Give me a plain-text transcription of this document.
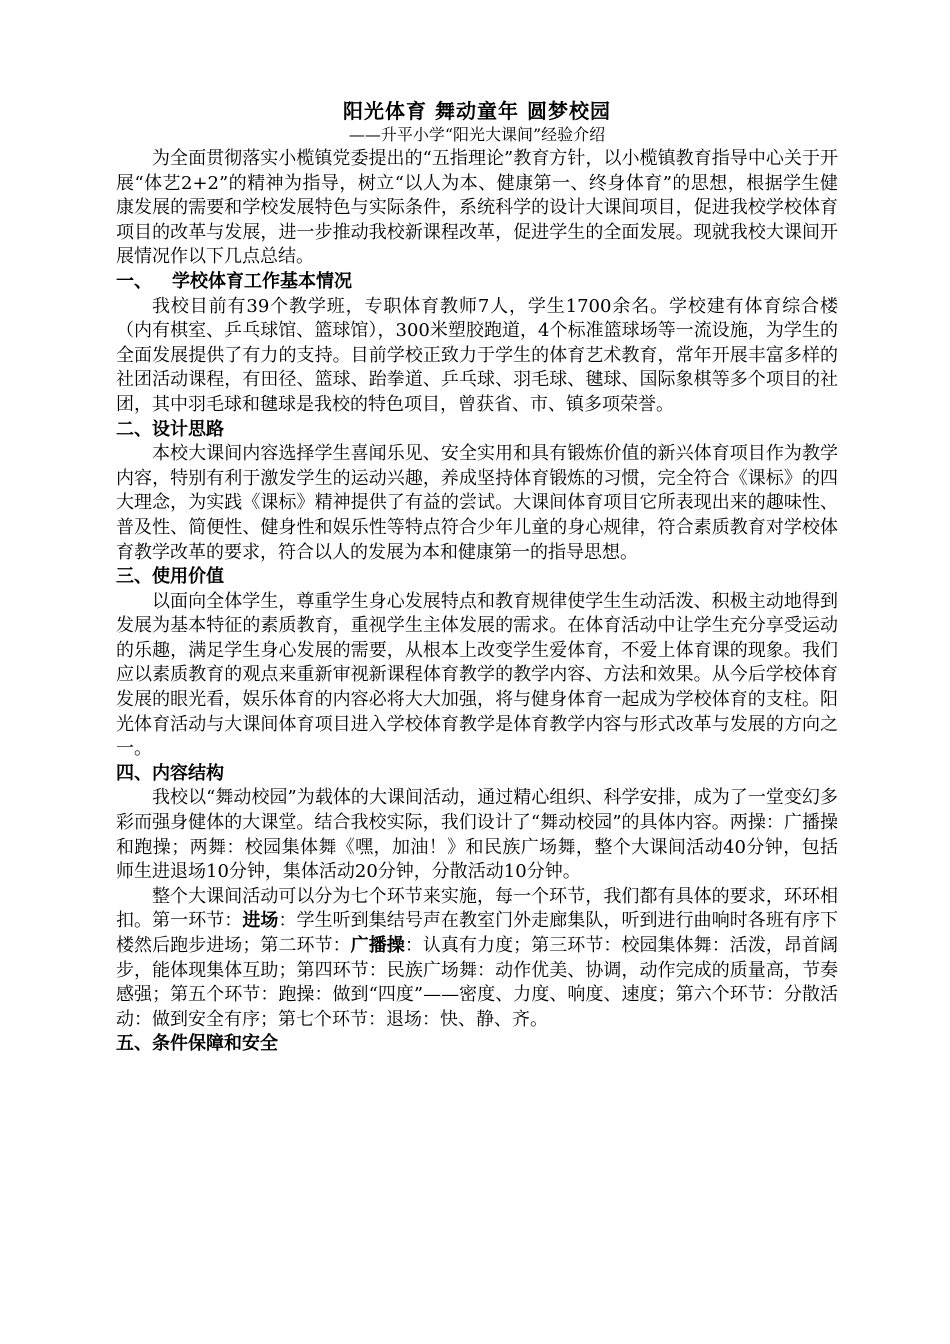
阳光体育 舞动童年 圆梦校园
——升平小学“阳光大课间”经验介绍

为全面贯彻落实小榄镇党委提出的“五指理论”教育方针，以小榄镇教育指导中心关于开展“体艺2+2”的精神为指导，树立“以人为本、健康第一、终身体育”的思想，根据学生健康发展的需要和学校发展特色与实际条件，系统科学的设计大课间项目，促进我校学校体育项目的改革与发展，进一步推动我校新课程改革，促进学生的全面发展。现就我校大课间开展情况作以下几点总结。

一、 学校体育工作基本情况

我校目前有39个教学班，专职体育教师7人，学生1700余名。学校建有体育综合楼（内有棋室、乒乓球馆、篮球馆），300米塑胶跑道，4个标准篮球场等一流设施，为学生的全面发展提供了有力的支持。目前学校正致力于学生的体育艺术教育，常年开展丰富多样的社团活动课程，有田径、篮球、跆拳道、乒乓球、羽毛球、毽球、国际象棋等多个项目的社团，其中羽毛球和毽球是我校的特色项目，曾获省、市、镇多项荣誉。

二、设计思路

本校大课间内容选择学生喜闻乐见、安全实用和具有锻炼价值的新兴体育项目作为教学内容，特别有利于激发学生的运动兴趣，养成坚持体育锻炼的习惯，完全符合《课标》的四大理念，为实践《课标》精神提供了有益的尝试。大课间体育项目它所表现出来的趣味性、普及性、简便性、健身性和娱乐性等特点符合少年儿童的身心规律，符合素质教育对学校体育教学改革的要求，符合以人的发展为本和健康第一的指导思想。

三、使用价值

以面向全体学生，尊重学生身心发展特点和教育规律使学生生动活泼、积极主动地得到发展为基本特征的素质教育，重视学生主体发展的需求。在体育活动中让学生充分享受运动的乐趣，满足学生身心发展的需要，从根本上改变学生爱体育，不爱上体育课的现象。我们应以素质教育的观点来重新审视新课程体育教学的教学内容、方法和效果。从今后学校体育发展的眼光看，娱乐体育的内容必将大大加强，将与健身体育一起成为学校体育的支柱。阳光体育活动与大课间体育项目进入学校体育教学是体育教学内容与形式改革与发展的方向之一。

四、内容结构

我校以“舞动校园”为载体的大课间活动，通过精心组织、科学安排，成为了一堂变幻多彩而强身健体的大课堂。结合我校实际，我们设计了“舞动校园”的具体内容。两操：广播操和跑操；两舞：校园集体舞《嘿，加油！》和民族广场舞，整个大课间活动40分钟，包括师生进退场10分钟，集体活动20分钟，分散活动10分钟。

整个大课间活动可以分为七个环节来实施，每一个环节，我们都有具体的要求，环环相扣。第一环节：进场：学生听到集结号声在教室门外走廊集队，听到进行曲响时各班有序下楼然后跑步进场；第二环节：广播操：认真有力度；第三环节：校园集体舞：活泼，昂首阔步，能体现集体互助；第四环节：民族广场舞：动作优美、协调，动作完成的质量高，节奏感强；第五个环节：跑操：做到“四度”——密度、力度、响度、速度；第六个环节：分散活动：做到安全有序；第七个环节：退场：快、静、齐。

五、条件保障和安全
